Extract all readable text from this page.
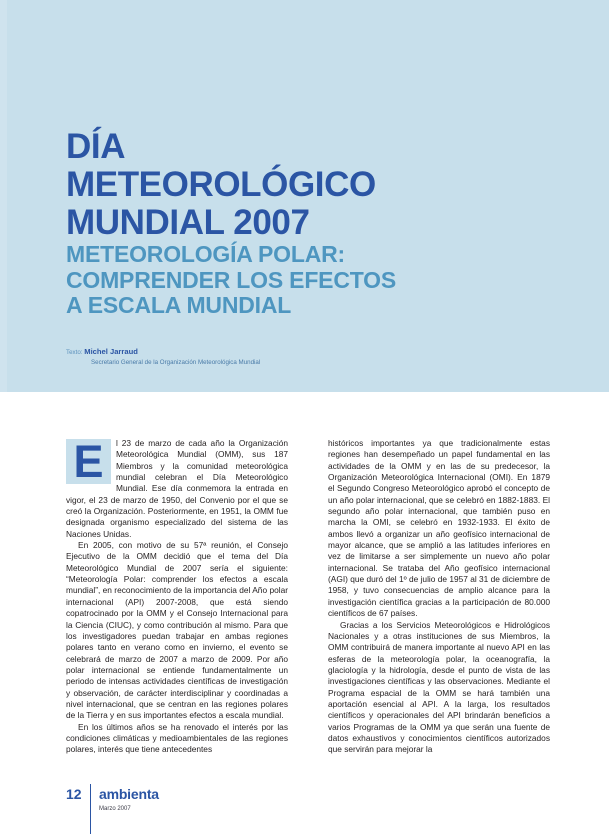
DÍA
METEOROLÓGICO
MUNDIAL 2007
METEOROLOGÍA POLAR:
COMPRENDER LOS EFECTOS
A ESCALA MUNDIAL
Texto: Michel Jarraud
Secretario General de la Organización Meteorológica Mundial

E	l 23 de marzo de cada año la Organización Meteorológica Mundial (OMM), sus 187 Miembros y la comunidad meteorológica mundial celebran el Día Meteorológico Mundial. Ese día conmemora la entrada en vigor, el 23 de marzo de 1950, del Convenio por el que se creó la Organización. Posteriormente, en 1951, la OMM fue designada organismo especializado del sistema de las Naciones Unidas.

En 2005, con motivo de su 57ª reunión, el Consejo Ejecutivo de la OMM decidió que el tema del Día Meteorológico Mundial de 2007 sería el siguiente: “Meteorología Polar: comprender los efectos a escala mundial”, en reconocimiento de la importancia del Año polar internacional (API) 2007-2008, que está siendo copatrocinado por la OMM y el Consejo Internacional para la Ciencia (CIUC), y como contribución al mismo. Para que los investigadores puedan trabajar en ambas regiones polares tanto en verano como en invierno, el evento se celebrará de marzo de 2007 a marzo de 2009. Por año polar internacional se entiende fundamentalmente un periodo de intensas actividades científicas de investigación y observación, de carácter interdisciplinar y coordinadas a nivel internacional, que se centran en las regiones polares de la Tierra y en sus importantes efectos a escala mundial.

En los últimos años se ha renovado el interés por las condiciones climáticas y medioambientales de las regiones polares, interés que tiene antecedentes

históricos importantes ya que tradicionalmente estas regiones han desempeñado un papel fundamental en las actividades de la OMM y en las de su predecesor, la Organización Meteorológica Internacional (OMI). En 1879 el Segundo Congreso Meteorológico aprobó el concepto de un año polar internacional, que se celebró en 1882-1883. El segundo año polar internacional, que también puso en marcha la OMI, se celebró en 1932-1933. El éxito de ambos llevó a organizar un año geofísico internacional de mayor alcance, que se amplió a las latitudes inferiores en vez de limitarse a ser simplemente un nuevo año polar internacional. Se trataba del Año geofísico internacional (AGI) que duró del 1º de julio de 1957 al 31 de diciembre de 1958, y tuvo consecuencias de amplio alcance para la investigación científica gracias a la participación de 80.000 científicos de 67 países.

Gracias a los Servicios Meteorológicos e Hidrológicos Nacionales y a otras instituciones de sus Miembros, la OMM contribuirá de manera importante al nuevo API en las esferas de la meteorología polar, la oceanografía, la glaciología y la hidrología, desde el punto de vista de las investigaciones científicas y las observaciones. Mediante el Programa espacial de la OMM se hará también una aportación esencial al API. A la larga, los resultados científicos y operacionales del API brindarán beneficios a varios Programas de la OMM ya que serán una fuente de datos exhaustivos y conocimientos científicos autorizados que servirán para mejorar la

12 ambienta
Marzo 2007
